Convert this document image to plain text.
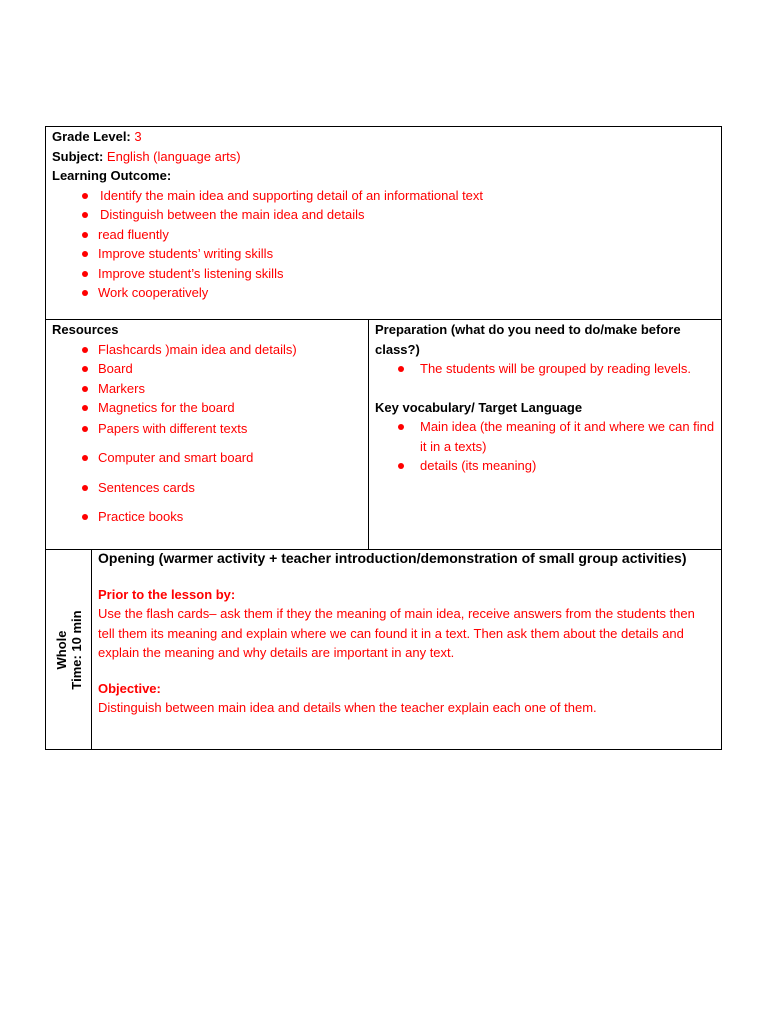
Grade Level: 3
Subject: English (language arts)
Learning Outcome:
Identify the main idea and supporting detail of an informational text
Distinguish between the main idea and details
read fluently
Improve students’ writing skills
Improve student’s listening skills
Work cooperatively
Resources
Flashcards )main idea and details)
Board
Markers
Magnetics for the board
Papers with different texts
Computer and smart board
Sentences cards
Practice books
Preparation (what do you need to do/make before class?)
The students will be grouped by reading levels.
Key vocabulary/ Target Language
Main idea (the meaning of it and where we can find it in a texts)
details (its meaning)
Whole Time: 10 min
Opening (warmer activity + teacher introduction/demonstration of small group activities)

Prior to the lesson by:

Use the flash cards– ask them if they the meaning of main idea, receive answers from the students then tell them its meaning and explain where we can found it in a text. Then ask them about the details and explain the meaning and why details are important in any text.

Objective:

Distinguish between main idea and details when the teacher explain each one of them.
